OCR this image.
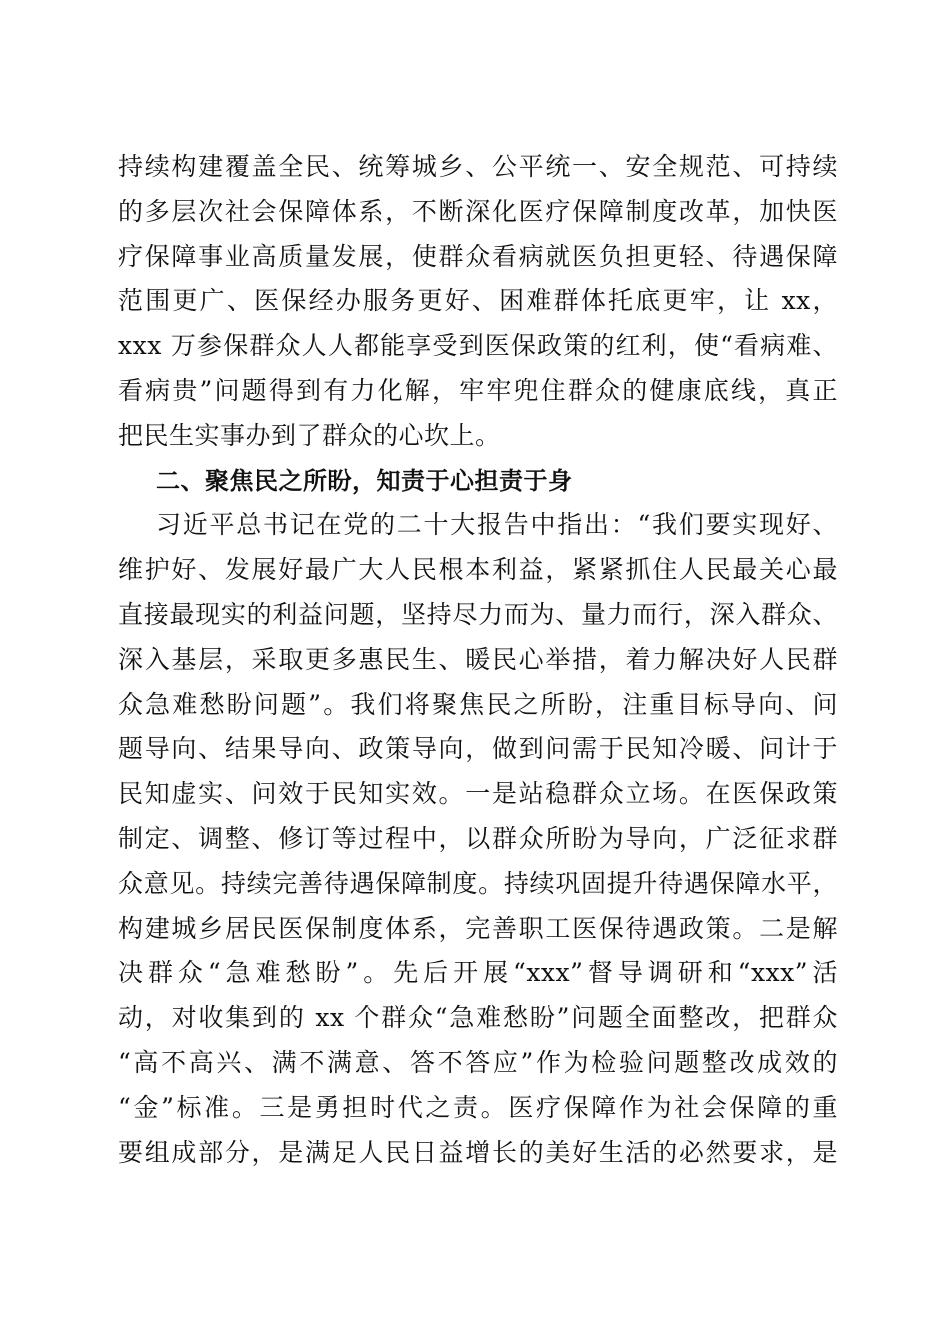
持续构建覆盖全民、统筹城乡、公平统一、安全规范、可持续
的多层次社会保障体系，不断深化医疗保障制度改革，加快医
疗保障事业高质量发展，使群众看病就医负担更轻、待遇保障
范围更广、医保经办服务更好、困难群体托底更牢，让 xx，
xxx 万参保群众人人都能享受到医保政策的红利，使“看病难、
看病贵”问题得到有力化解，牢牢兜住群众的健康底线，真正
把民生实事办到了群众的心坎上。
二、聚焦民之所盼，知责于心担责于身
习近平总书记在党的二十大报告中指出：“我们要实现好、
维护好、发展好最广大人民根本利益，紧紧抓住人民最关心最
直接最现实的利益问题，坚持尽力而为、量力而行，深入群众、
深入基层，采取更多惠民生、暖民心举措，着力解决好人民群
众急难愁盼问题”。我们将聚焦民之所盼，注重目标导向、问
题导向、结果导向、政策导向，做到问需于民知冷暖、问计于
民知虚实、问效于民知实效。一是站稳群众立场。在医保政策
制定、调整、修订等过程中，以群众所盼为导向，广泛征求群
众意见。持续完善待遇保障制度。持续巩固提升待遇保障水平，
构建城乡居民医保制度体系，完善职工医保待遇政策。二是解
决群众“急难愁盼”。先后开展“xxx”督导调研和“xxx”活
动，对收集到的 xx 个群众“急难愁盼”问题全面整改，把群众
“高不高兴、满不满意、答不答应”作为检验问题整改成效的
“金”标准。三是勇担时代之责。医疗保障作为社会保障的重
要组成部分，是满足人民日益增长的美好生活的必然要求，是
